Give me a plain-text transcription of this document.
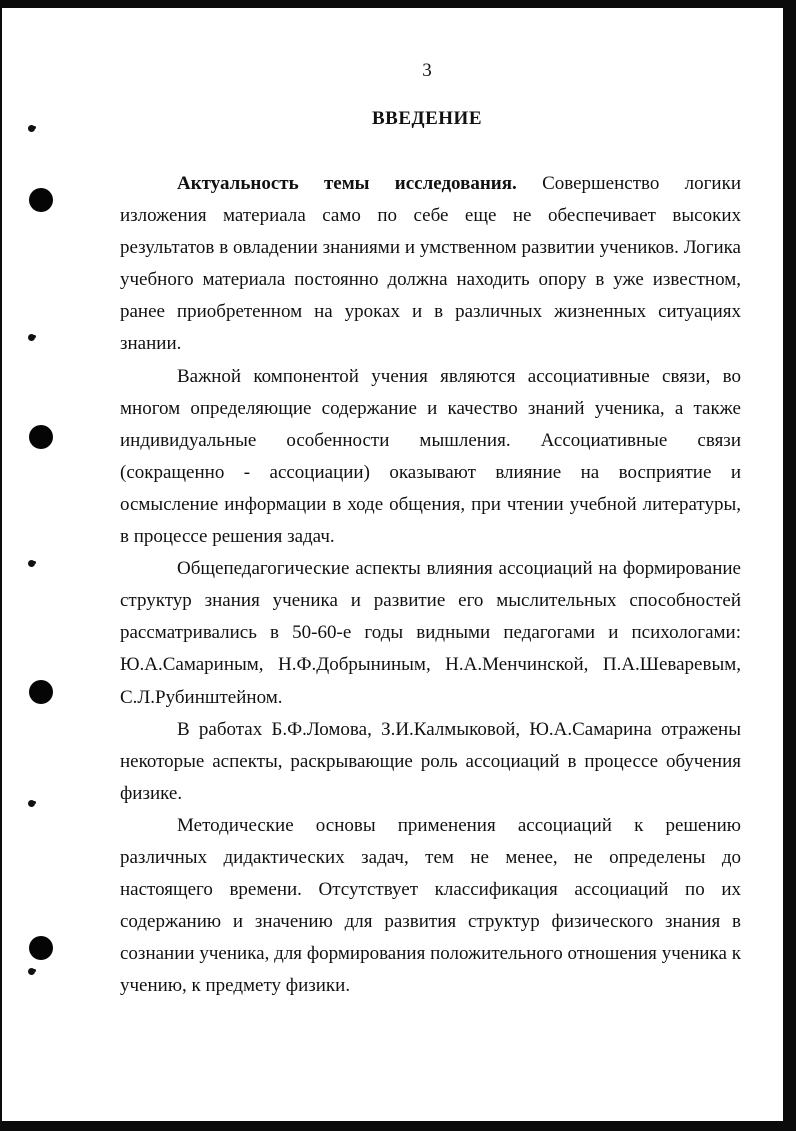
3
ВВЕДЕНИЕ

Актуальность темы исследования. Совершенство логики изложения материала само по себе еще не обеспечивает высоких результатов в овладении знаниями и умственном развитии учеников. Логика учебного материала постоянно должна находить опору в уже известном, ранее приобретенном на уроках и в различных жизненных ситуациях знании.

Важной компонентой учения являются ассоциативные связи, во многом определяющие содержание и качество знаний ученика, а также индивидуальные особенности мышления. Ассоциативные связи (сокращенно - ассоциации) оказывают влияние на восприятие и осмысление информации в ходе общения, при чтении учебной литературы, в процессе решения задач.

Общепедагогические аспекты влияния ассоциаций на формирование структур знания ученика и развитие его мыслительных способностей рассматривались в 50-60-е годы видными педагогами и психологами: Ю.А.Самариным, Н.Ф.Добрыниным, Н.А.Менчинской, П.А.Шеваревым, С.Л.Рубинштейном.

В работах Б.Ф.Ломова, З.И.Калмыковой, Ю.А.Самарина отражены некоторые аспекты, раскрывающие роль ассоциаций в процессе обучения физике.

Методические основы применения ассоциаций к решению различных дидактических задач, тем не менее, не определены до настоящего времени. Отсутствует классификация ассоциаций по их содержанию и значению для развития структур физического знания в сознании ученика, для формирования положительного отношения ученика к учению, к предмету физики.
